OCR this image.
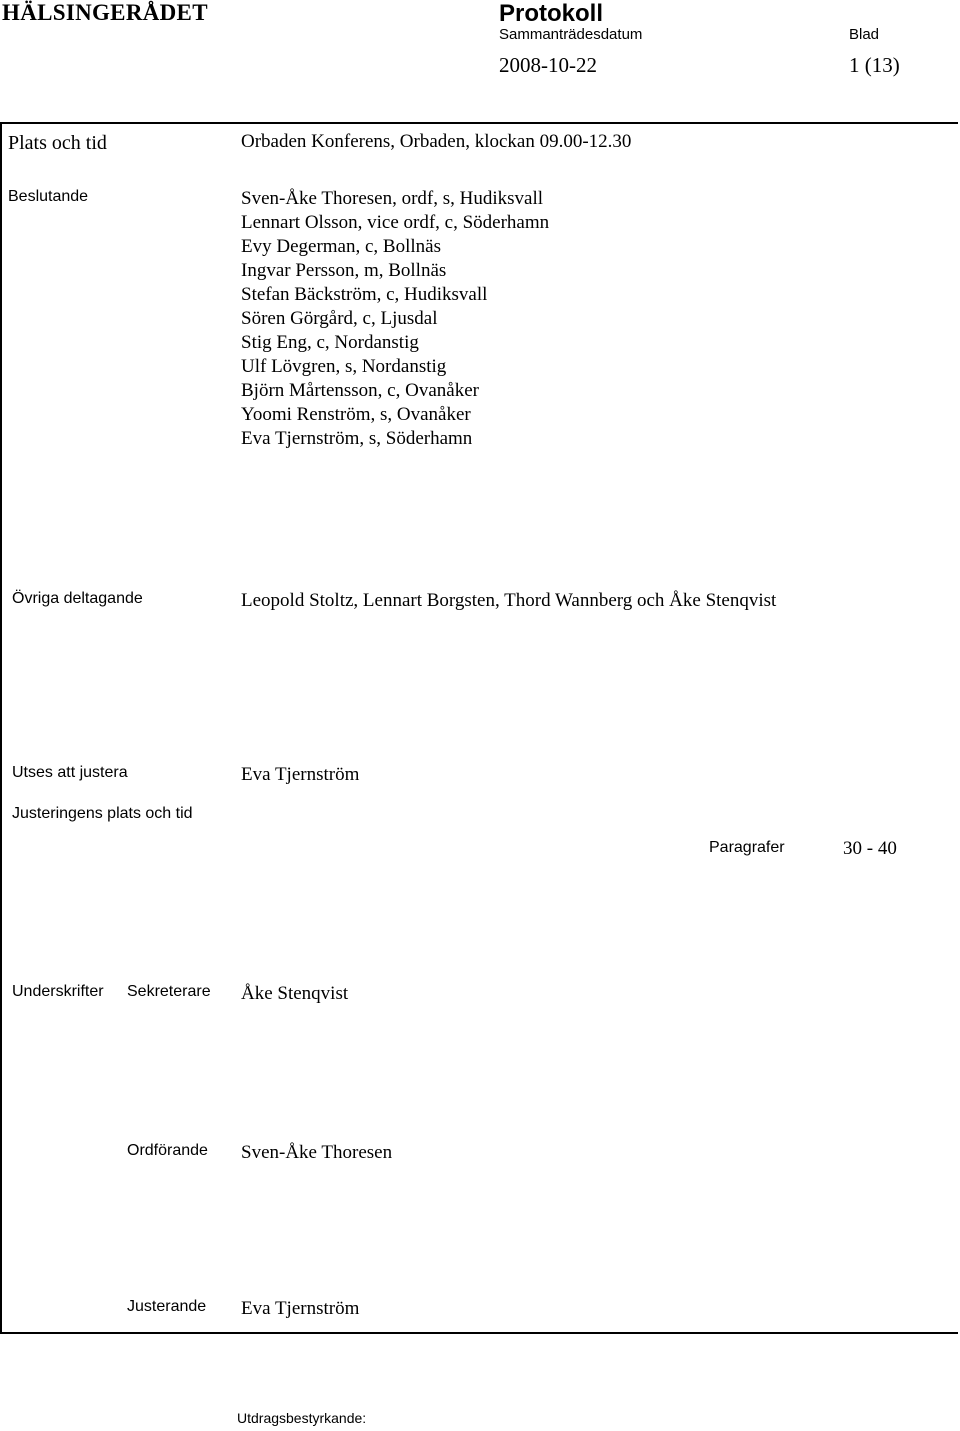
HÄLSINGERÅDET	Protokoll
Sammanträdesdatum	Blad
2008-10-22	1 (13)
Plats och tid	Orbaden Konferens, Orbaden, klockan 09.00-12.30
Beslutande	Sven-Åke Thoresen, ordf, s, Hudiksvall
Lennart Olsson, vice ordf, c, Söderhamn
Evy Degerman, c, Bollnäs
Ingvar Persson, m, Bollnäs
Stefan Bäckström, c, Hudiksvall
Sören Görgård, c, Ljusdal
Stig Eng, c, Nordanstig
Ulf Lövgren, s, Nordanstig
Björn Mårtensson, c, Ovanåker
Yoomi Renström, s, Ovanåker
Eva Tjernström, s, Söderhamn
Övriga deltagande	Leopold Stoltz, Lennart Borgsten, Thord Wannberg och Åke Stenqvist
Utses att justera	Eva Tjernström
Justeringens plats och tid
Paragrafer	30 - 40
Underskrifter Sekreterare Åke Stenqvist
Ordförande Sven-Åke Thoresen
Justerande Eva Tjernström
Utdragsbestyrkande:
